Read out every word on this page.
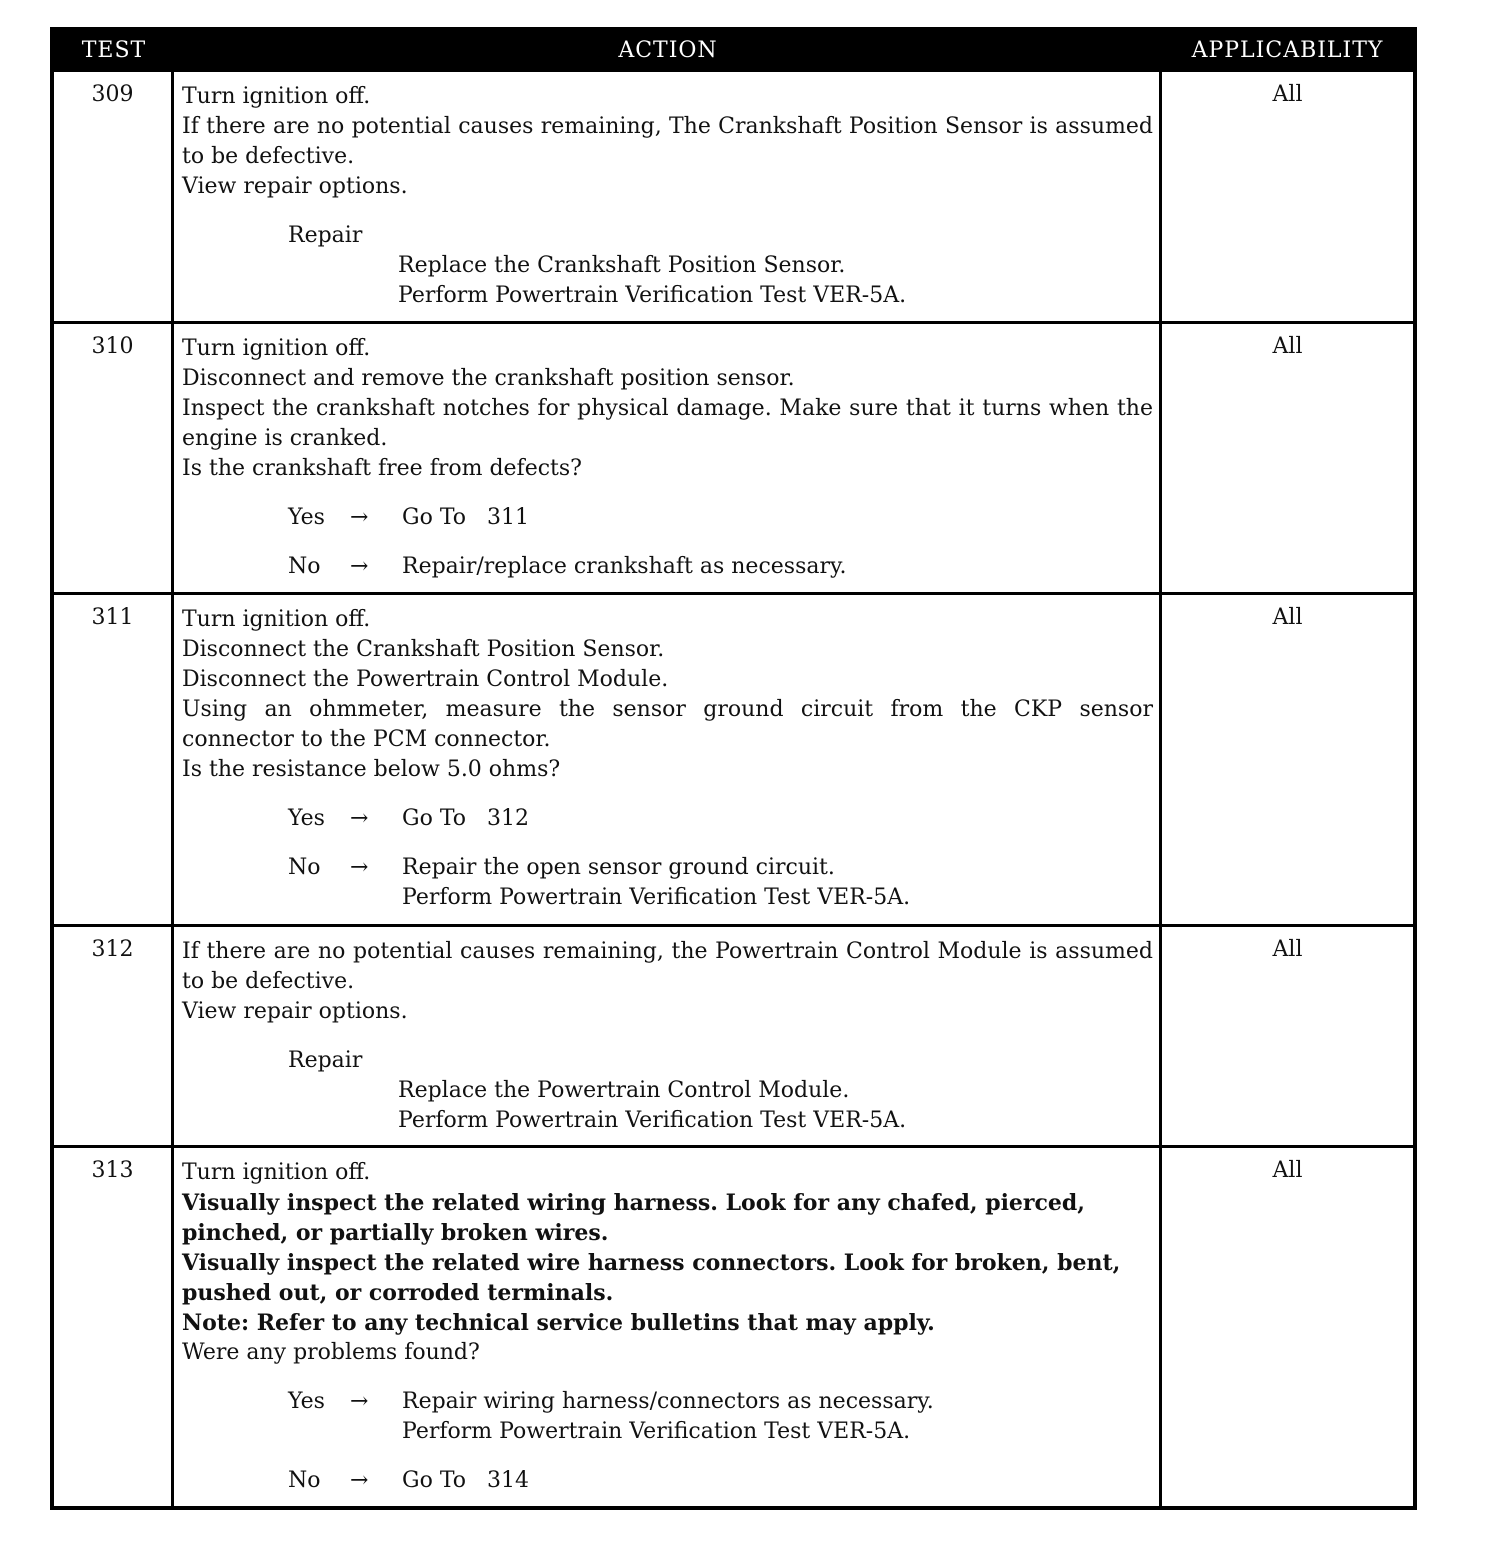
TEST	ACTION	APPLICABILITY
309	Turn ignition off.
If there are no potential causes remaining, The Crankshaft Position Sensor is assumed to be defective.
View repair options.
Repair
Replace the Crankshaft Position Sensor.
Perform Powertrain Verification Test VER-5A.
All
310	Turn ignition off.
Disconnect and remove the crankshaft position sensor.
Inspect the crankshaft notches for physical damage. Make sure that it turns when the engine is cranked.
Is the crankshaft free from defects?
Yes	→	Go To   311
No	→	Repair/replace crankshaft as necessary.
All
311	Turn ignition off.
Disconnect the Crankshaft Position Sensor.
Disconnect the Powertrain Control Module.
Using an ohmmeter, measure the sensor ground circuit from the CKP sensor connector to the PCM connector.
Is the resistance below 5.0 ohms?
Yes	→	Go To   312
No	→	Repair the open sensor ground circuit.
Perform Powertrain Verification Test VER-5A.
All
312	If there are no potential causes remaining, the Powertrain Control Module is assumed to be defective.
View repair options.
Repair
Replace the Powertrain Control Module.
Perform Powertrain Verification Test VER-5A.
All
313	Turn ignition off.
Visually inspect the related wiring harness. Look for any chafed, pierced, pinched, or partially broken wires.
Visually inspect the related wire harness connectors. Look for broken, bent, pushed out, or corroded terminals.
Note: Refer to any technical service bulletins that may apply.
Were any problems found?
Yes	→	Repair wiring harness/connectors as necessary.
Perform Powertrain Verification Test VER-5A.
No	→	Go To   314
All
